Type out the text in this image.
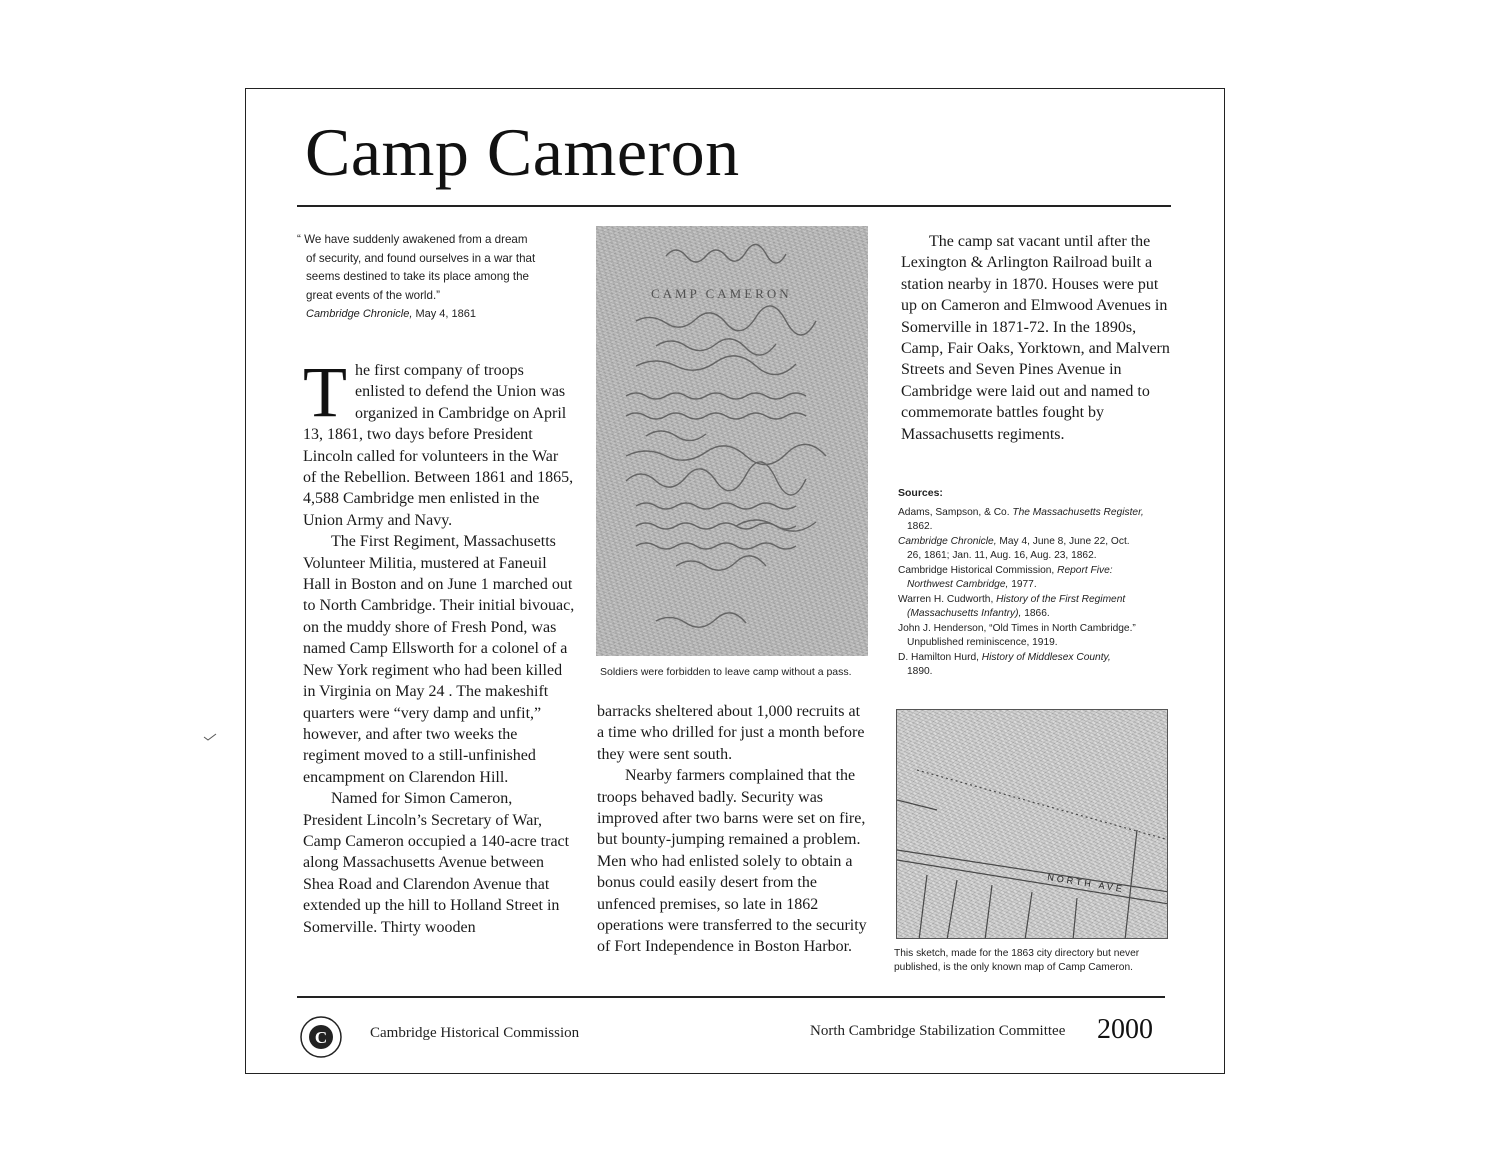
Camp Cameron
“ We have suddenly awakened from a dream
of security, and found ourselves in a war that
seems destined to take its place among the
great events of the world.”
Cambridge Chronicle, May 4, 1861

The first company of troops enlisted to defend the Union was organized in Cambridge on April 13, 1861, two days before President Lincoln called for volunteers in the War of the Rebellion. Between 1861 and 1865, 4,588 Cambridge men enlisted in the Union Army and Navy.

The First Regiment, Massachusetts Volunteer Militia, mustered at Faneuil Hall in Boston and on June 1 marched out to North Cambridge. Their initial bivouac, on the muddy shore of Fresh Pond, was named Camp Ellsworth for a colonel of a New York regiment who had been killed in Virginia on May 24 . The makeshift quarters were “very damp and unfit,” however, and after two weeks the regiment moved to a still-unfinished encampment on Clarendon Hill.

Named for Simon Cameron, President Lincoln’s Secretary of War, Camp Cameron occupied a 140-acre tract along Massachusetts Avenue between Shea Road and Clarendon Avenue that extended up the hill to Holland Street in Somerville. Thirty wooden

CAMP CAMERON
Soldiers were forbidden to leave camp without a pass.

barracks sheltered about 1,000 recruits at a time who drilled for just a month before they were sent south.

Nearby farmers complained that the troops behaved badly. Security was improved after two barns were set on fire, but bounty-jumping remained a problem. Men who had enlisted solely to obtain a bonus could easily desert from the unfenced premises, so late in 1862 operations were transferred to the security of Fort Independence in Boston Harbor.

The camp sat vacant until after the Lexington & Arlington Railroad built a station nearby in 1870. Houses were put up on Cameron and Elmwood Avenues in Somerville in 1871-72. In the 1890s, Camp, Fair Oaks, Yorktown, and Malvern Streets and Seven Pines Avenue in Cambridge were laid out and named to commemorate battles fought by Massachusetts regiments.

Sources:
Adams, Sampson, & Co. The Massachusetts Register,
1862.
Cambridge Chronicle, May 4, June 8, June 22, Oct.
26, 1861; Jan. 11, Aug. 16, Aug. 23, 1862.
Cambridge Historical Commission, Report Five:
Northwest Cambridge, 1977.
Warren H. Cudworth, History of the First Regiment
(Massachusetts Infantry), 1866.
John J. Henderson, “Old Times in North Cambridge.”
Unpublished reminiscence, 1919.
D. Hamilton Hurd, History of Middlesex County,
1890.
NORTH AVE
This sketch, made for the 1863 city directory but never
published, is the only known map of Camp Cameron.
C	Cambridge Historical Commission	North Cambridge Stabilization Committee 2000
